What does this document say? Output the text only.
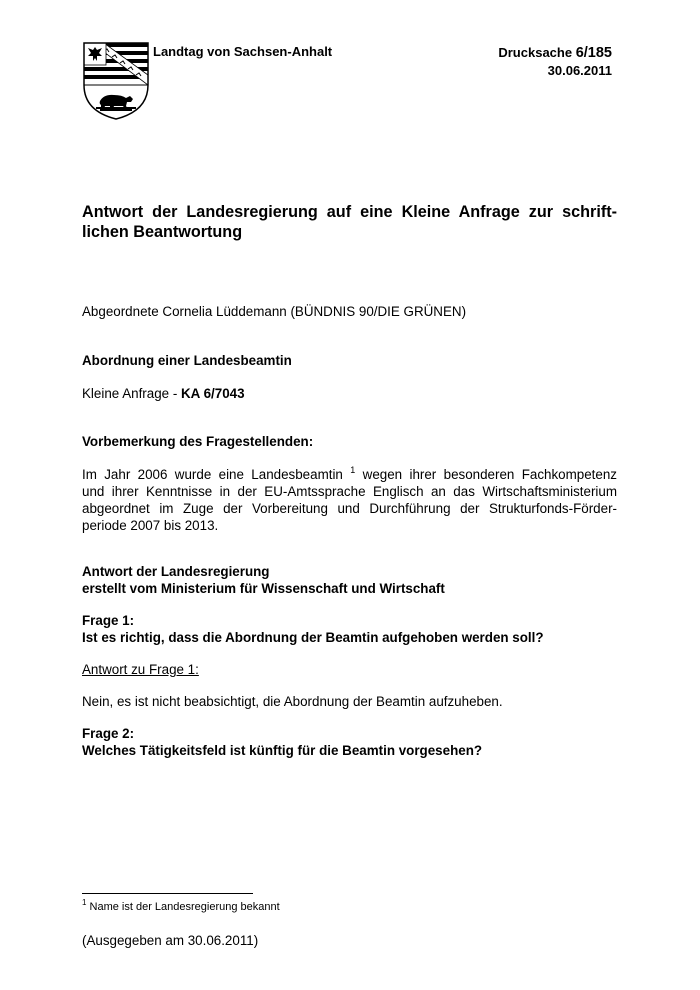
Landtag von Sachsen-Anhalt	Drucksache 6/185
30.06.2011
Antwort der Landesregierung auf eine Kleine Anfrage zur schrift-
lichen Beantwortung
Abgeordnete Cornelia Lüddemann (BÜNDNIS 90/DIE GRÜNEN)
Abordnung einer Landesbeamtin
Kleine Anfrage - KA 6/7043
Vorbemerkung des Fragestellenden:
Im Jahr 2006 wurde eine Landesbeamtin $^1$ wegen ihrer besonderen Fachkompetenz
und ihrer Kenntnisse in der EU-Amtssprache Englisch an das Wirtschaftsministerium
abgeordnet im Zuge der Vorbereitung und Durchführung der Strukturfonds-Förder-
periode 2007 bis 2013.
Antwort der Landesregierung
erstellt vom Ministerium für Wissenschaft und Wirtschaft
Frage 1:
Ist es richtig, dass die Abordnung der Beamtin aufgehoben werden soll?
Antwort zu Frage 1:
Nein, es ist nicht beabsichtigt, die Abordnung der Beamtin aufzuheben.
Frage 2:
Welches Tätigkeitsfeld ist künftig für die Beamtin vorgesehen?
$^1$ Name ist der Landesregierung bekannt
(Ausgegeben am 30.06.2011)
